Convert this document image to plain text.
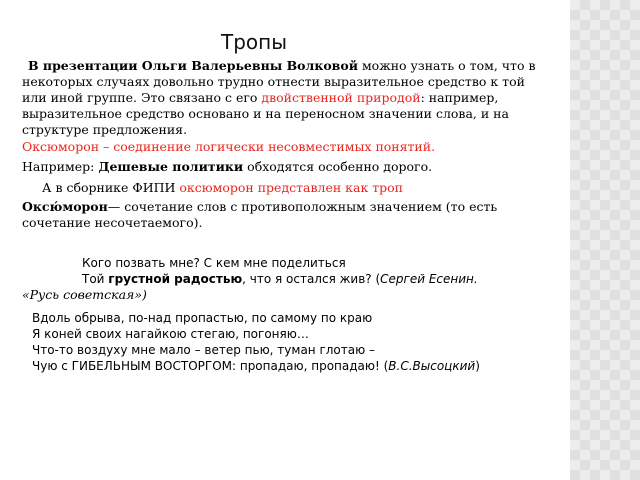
Тропы
В презентации Ольги Валерьевны Волковой можно узнать о том, что в
некоторых случаях довольно трудно отнести выразительное средство к той
или иной группе. Это связано с его двойственной природой: например,
выразительное средство основано и на переносном значении слова, и на
структуре предложения.
Оксюморон – соединение логически несовместимых понятий.
Например: Дешевые политики обходятся особенно дорого.
А в сборнике ФИПИ оксюморон представлен как троп
Оксю́морон— сочетание слов с противоположным значением (то есть
сочетание несочетаемого).
Кого позвать мне? С кем мне поделиться
Той грустной радостью, что я остался жив? (Сергей Есенин.
«Русь советская»)
Вдоль обрыва, по-над пропастью, по самому по краю
Я коней своих нагайкою стегаю, погоняю…
Что-то воздуху мне мало – ветер пью, туман глотаю –
Чую с ГИБЕЛЬНЫМ ВОСТОРГОМ: пропадаю, пропадаю! (В.С.Высоцкий)
